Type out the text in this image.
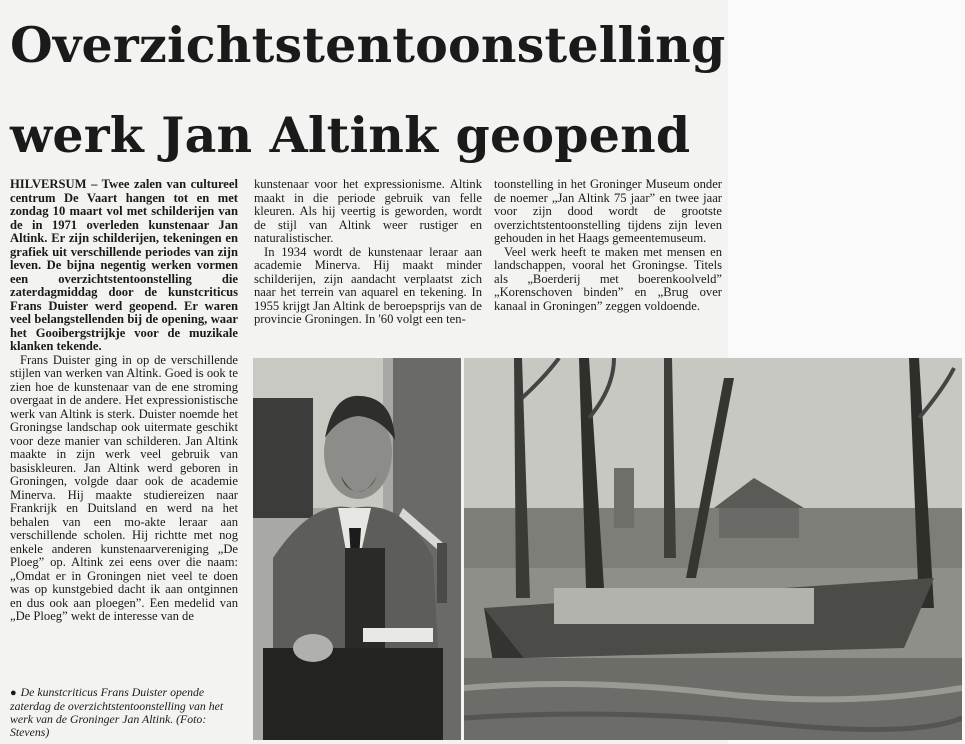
Overzichtstentoonstelling
werk Jan Altink geopend

HILVERSUM – Twee zalen van cultureel centrum De Vaart hangen tot en met zondag 10 maart vol met schilderijen van de in 1971 overleden kunstenaar Jan Altink. Er zijn schilderijen, tekeningen en grafiek uit verschillende periodes van zijn leven. De bijna negentig werken vormen een overzichtstentoonstelling die zaterdagmiddag door de kunstcriticus Frans Duister werd geopend. Er waren veel belangstellenden bij de opening, waar het Gooibergstrijkje voor de muzikale klanken tekende.

Frans Duister ging in op de verschillende stijlen van werken van Altink. Goed is ook te zien hoe de kunstenaar van de ene stroming overgaat in de andere. Het expressionistische werk van Altink is sterk. Duister noemde het Groningse landschap ook uitermate geschikt voor deze manier van schilderen. Jan Altink maakte in zijn werk veel gebruik van basiskleuren. Jan Altink werd geboren in Groningen, volgde daar ook de academie Minerva. Hij maakte studiereizen naar Frankrijk en Duitsland en werd na het behalen van een mo-akte leraar aan verschillende scholen. Hij richtte met nog enkele anderen kunstenaarvereniging „De Ploeg” op. Altink zei eens over die naam: „Omdat er in Groningen niet veel te doen was op kunstgebied dacht ik aan ontginnen en dus ook aan ploegen”. Een medelid van „De Ploeg” wekt de interesse van de

kunstenaar voor het expressionisme. Altink maakt in die periode gebruik van felle kleuren. Als hij veertig is geworden, wordt de stijl van Altink weer rustiger en naturalistischer.

In 1934 wordt de kunstenaar leraar aan academie Minerva. Hij maakt minder schilderijen, zijn aandacht verplaatst zich naar het terrein van aquarel en tekening. In 1955 krijgt Jan Altink de beroepsprijs van de provincie Groningen. In '60 volgt een ten-

toonstelling in het Groninger Museum onder de noemer „Jan Altink 75 jaar” en twee jaar voor zijn dood wordt de grootste overzichtstentoonstelling tijdens zijn leven gehouden in het Haags gemeentemuseum.

Veel werk heeft te maken met mensen en landschappen, vooral het Groningse. Titels als „Boerderij met boerenkoolveld” „Korenschoven binden” en „Brug over kanaal in Groningen” zeggen voldoende.

● De kunstcriticus Frans Duister opende zaterdag de overzichtstentoonstelling van het werk van de Groninger Jan Altink. (Foto: Stevens)
